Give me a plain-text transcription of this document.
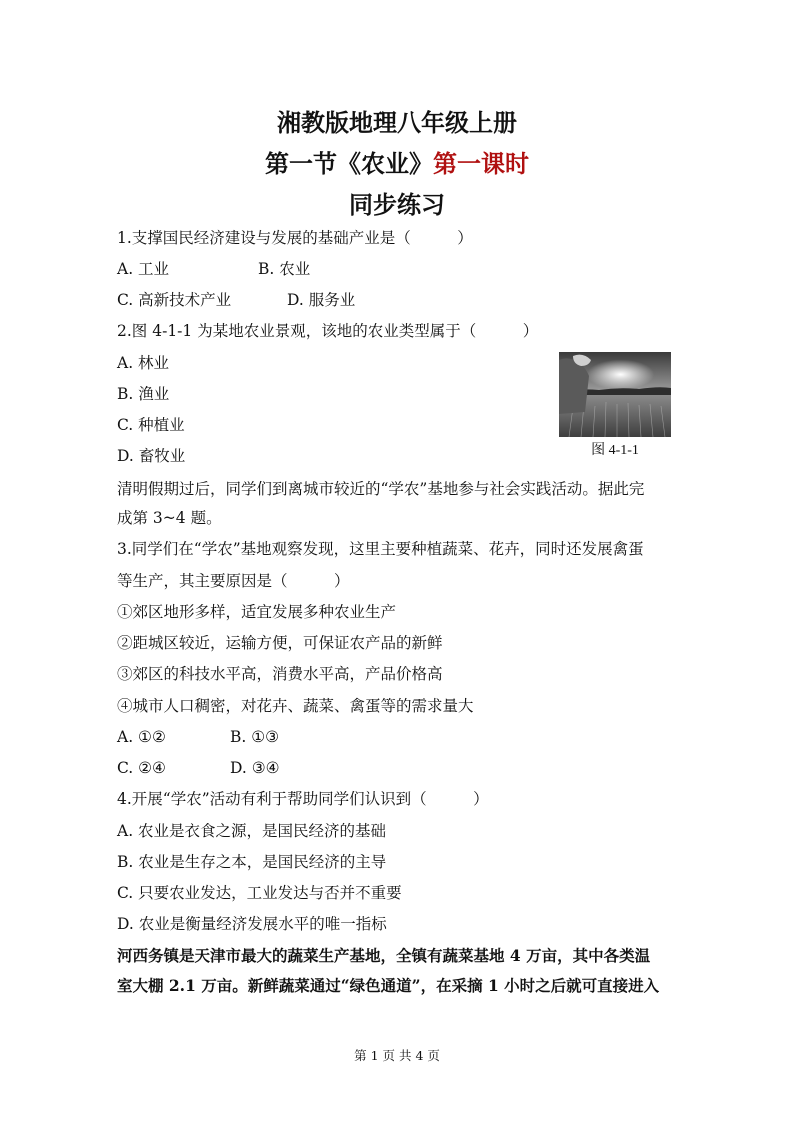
湘教版地理八年级上册
第一节《农业》第一课时
同步练习
1.支撑国民经济建设与发展的基础产业是（　　　）
A. 工业	B. 农业
C. 高新技术产业	D. 服务业
2.图 4-1-1 为某地农业景观，该地的农业类型属于（　　　）
A. 林业
B. 渔业
C. 种植业
D. 畜牧业	图 4-1-1
清明假期过后，同学们到离城市较近的“学农”基地参与社会实践活动。据此完
成第 3~4 题。
3.同学们在“学农”基地观察发现，这里主要种植蔬菜、花卉，同时还发展禽蛋
等生产，其主要原因是（　　　）
①郊区地形多样，适宜发展多种农业生产
②距城区较近，运输方便，可保证农产品的新鲜
③郊区的科技水平高，消费水平高，产品价格高
④城市人口稠密，对花卉、蔬菜、禽蛋等的需求量大
A. ①②	B. ①③
C. ②④	D. ③④
4.开展“学农”活动有利于帮助同学们认识到（　　　）
A. 农业是衣食之源，是国民经济的基础
B. 农业是生存之本，是国民经济的主导
C. 只要农业发达，工业发达与否并不重要
D. 农业是衡量经济发展水平的唯一指标
河西务镇是天津市最大的蔬菜生产基地，全镇有蔬菜基地 4 万亩，其中各类温
室大棚 2.1 万亩。新鲜蔬菜通过“绿色通道”，在采摘 1 小时之后就可直接进入
第 1 页 共 4 页
